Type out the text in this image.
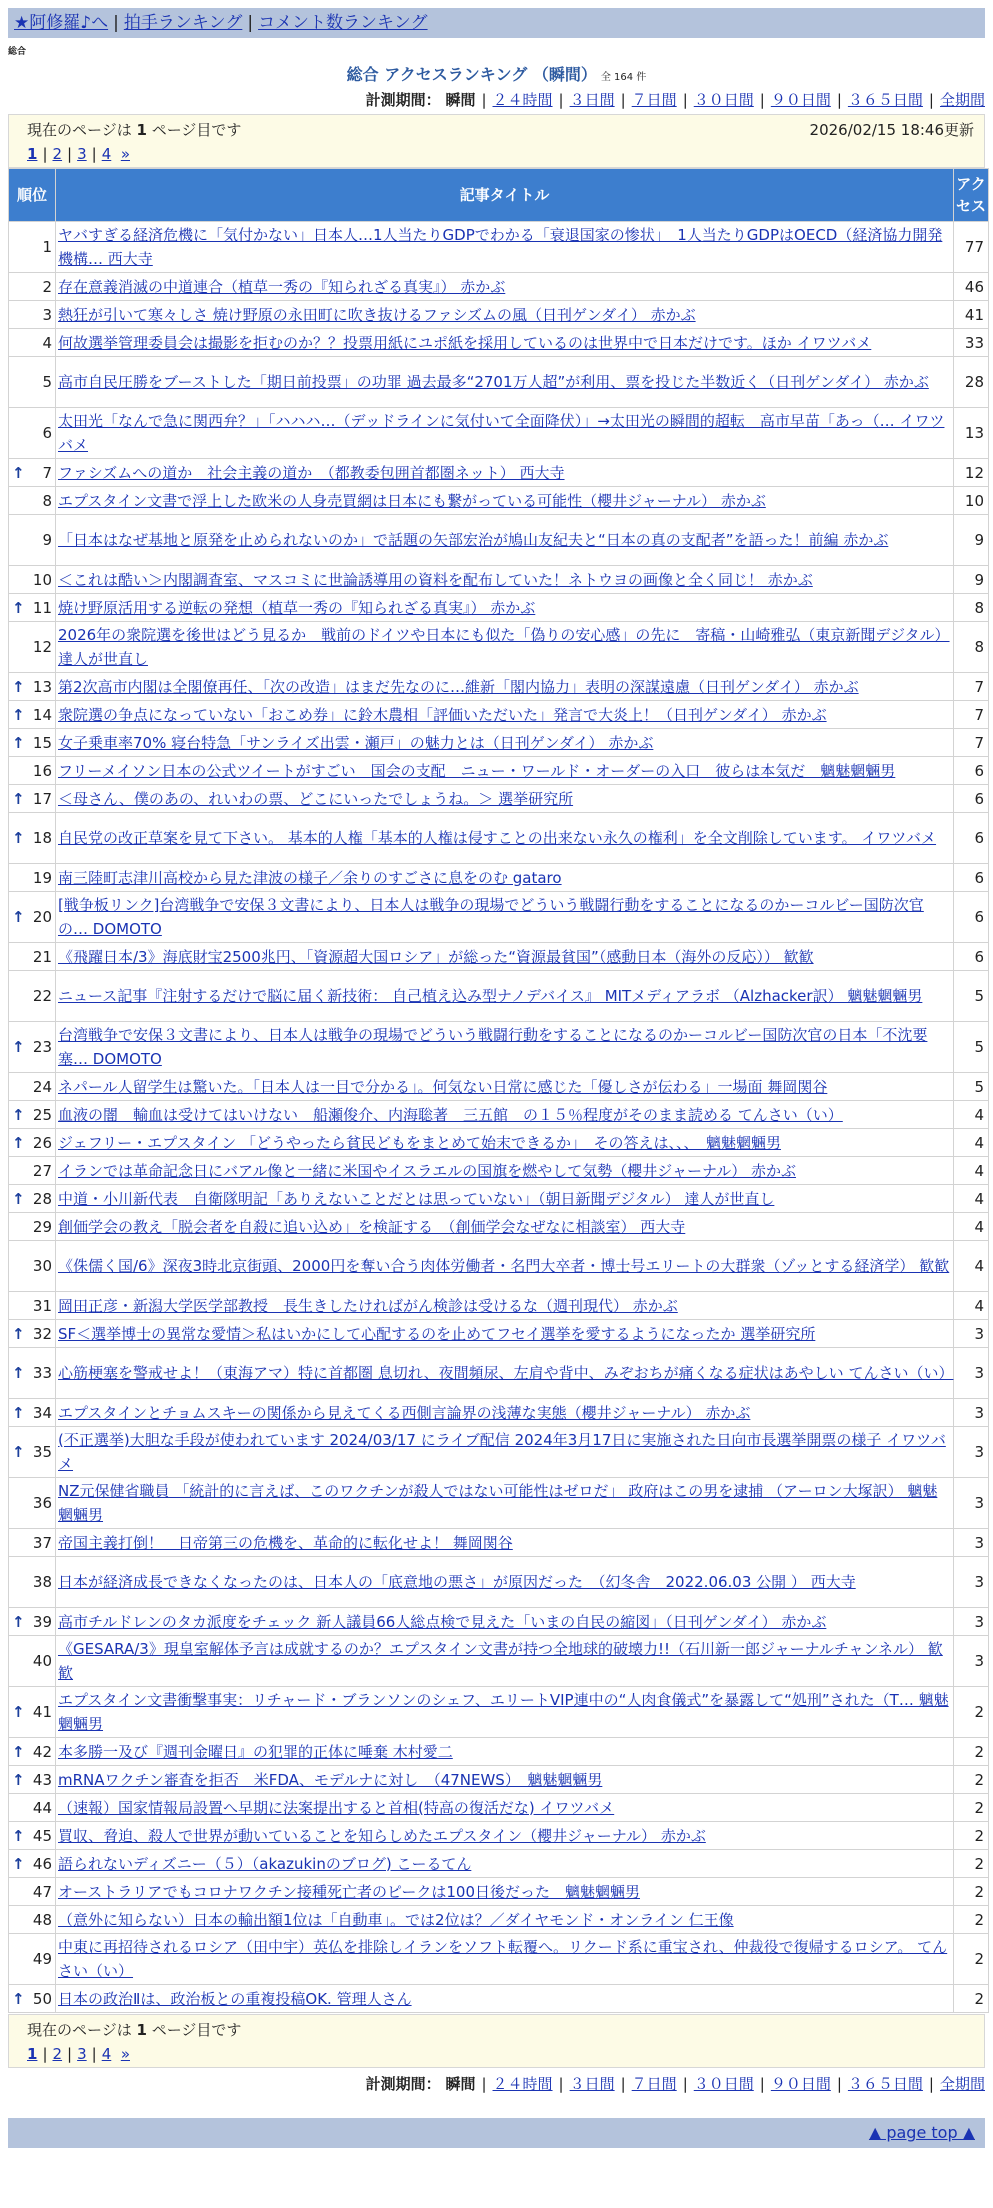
★阿修羅♪へ | 拍手ランキング | コメント数ランキング
総合
総合 アクセスランキング （瞬間） 全 164 件
計測期間： 瞬間 | ２４時間 | ３日間 | ７日間 | ３０日間 | ９０日間 | ３６５日間 | 全期間
現在のページは 1 ページ目です	2026/02/15 18:46更新
1 | 2 | 3 | 4 »
順位	記事タイトル	アクセス
1	ヤバすぎる経済危機に「気付かない」日本人…1人当たりGDPでわかる「衰退国家の惨状」　1人当たりGDPはOECD（経済協力開発機構… 西大寺	77
2	存在意義消滅の中道連合（植草一秀の『知られざる真実』） 赤かぶ	46
3	熱狂が引いて寒々しさ 焼け野原の永田町に吹き抜けるファシズムの風（日刊ゲンダイ） 赤かぶ	41
4	何故選挙管理委員会は撮影を拒むのか？？投票用紙にユポ紙を採用しているのは世界中で日本だけです。ほか イワツバメ	33
5	高市自民圧勝をブーストした「期日前投票」の功罪 過去最多“2701万人超”が利用、票を投じた半数近く（日刊ゲンダイ） 赤かぶ	28
6	太田光「なんで急に関西弁？」「ハハハ…（デッドラインに気付いて全面降伏）」→太田光の瞬間的超転　高市早苗「あっ（… イワツバメ	13

↑ 7	ファシズムへの道か　社会主義の道か　（都教委包囲首都圏ネット） 西大寺	12
8	エプスタイン文書で浮上した欧米の人身売買網は日本にも繋がっている可能性（櫻井ジャーナル） 赤かぶ	10
9	「日本はなぜ基地と原発を止められないのか」で話題の矢部宏治が鳩山友紀夫と“日本の真の支配者”を語った！前編 赤かぶ	9
10	＜これは酷い＞内閣調査室、マスコミに世論誘導用の資料を配布していた！ネトウヨの画像と全く同じ！ 赤かぶ	9

↑ 11	焼け野原活用する逆転の発想（植草一秀の『知られざる真実』） 赤かぶ	8
12	2026年の衆院選を後世はどう見るか　戦前のドイツや日本にも似た「偽りの安心感」の先に　寄稿・山崎雅弘（東京新聞デジタル） 達人が世直し	8

↑ 13	第2次高市内閣は全閣僚再任、「次の改造」はまだ先なのに…維新「閣内協力」表明の深謀遠慮（日刊ゲンダイ） 赤かぶ	7

↑ 14	衆院選の争点になっていない「おこめ券」に鈴木農相「評価いただいた」発言で大炎上！（日刊ゲンダイ） 赤かぶ	7

↑ 15	女子乗車率70% 寝台特急「サンライズ出雲・瀬戸」の魅力とは（日刊ゲンダイ） 赤かぶ	7
16	フリーメイソン日本の公式ツイートがすごい　国会の支配　ニュー・ワールド・オーダーの入口　彼らは本気だ　魑魅魍魎男	6

↑ 17	＜母さん、僕のあの、れいわの票、どこにいったでしょうね。＞ 選挙研究所	6

↑ 18	自民党の改正草案を見て下さい。 基本的人権「基本的人権は侵すことの出来ない永久の権利」を全文削除しています。 イワツバメ	6
19	南三陸町志津川高校から見た津波の様子／余りのすごさに息をのむ gataro	6

↑ 20	[戦争板リンク]台湾戦争で安保３文書により、日本人は戦争の現場でどういう戦闘行動をすることになるのかーコルビー国防次官の… DOMOTO	6
21	《飛躍日本/3》海底財宝2500兆円、「資源超大国ロシア」が総った“資源最貧国”（感動日本（海外の反応）） 歓歓	6
22	ニュース記事『注射するだけで脳に届く新技術： 自己植え込み型ナノデバイス』 MITメディアラボ （Alzhacker訳） 魑魅魍魎男	5

↑ 23	台湾戦争で安保３文書により、日本人は戦争の現場でどういう戦闘行動をすることになるのかーコルビー国防次官の日本「不沈要塞… DOMOTO	5
24	ネパール人留学生は驚いた。「日本人は一目で分かる」。何気ない日常に感じた「優しさが伝わる」一場面 舞岡関谷	5

↑ 25	血液の闇　輸血は受けてはいけない　船瀬俊介、内海聡著　三五館　の１５％程度がそのまま読める てんさい（い）	4

↑ 26	ジェフリー・エプスタイン 「どうやったら貧民どもをまとめて始末できるか」　その答えは、、、　魑魅魍魎男	4
27	イランでは革命記念日にバアル像と一緒に米国やイスラエルの国旗を燃やして気勢（櫻井ジャーナル） 赤かぶ	4

↑ 28	中道・小川新代表　自衛隊明記「ありえないことだとは思っていない」（朝日新聞デジタル） 達人が世直し	4
29	創価学会の教え「脱会者を自殺に追い込め」を検証する　（創価学会なぜなに相談室） 西大寺	4
30	《侏儒く国/6》深夜3時北京街頭、2000円を奪い合う肉体労働者・名門大卒者・博士号エリートの大群衆（ゾッとする経済学） 歓歓	4
31	岡田正彦・新潟大学医学部教授　長生きしたければがん検診は受けるな（週刊現代） 赤かぶ	4

↑ 32	SF＜選挙博士の異常な愛情＞私はいかにして心配するのを止めてフセイ選挙を愛するようになったか 選挙研究所	3

↑ 33	心筋梗塞を警戒せよ！（東海アマ）特に首都圏 息切れ、夜間頻尿、左肩や背中、みぞおちが痛くなる症状はあやしい てんさい（い）	3

↑ 34	エプスタインとチョムスキーの関係から見えてくる西側言論界の浅薄な実態（櫻井ジャーナル） 赤かぶ	3

↑ 35	(不正選挙)大胆な手段が使われています 2024/03/17 にライブ配信 2024年3月17日に実施された日向市長選挙開票の様子 イワツバメ	3
36	NZ元保健省職員 「統計的に言えば、このワクチンが殺人ではない可能性はゼロだ」 政府はこの男を逮捕 （アーロン大塚訳） 魑魅魍魎男	3
37	帝国主義打倒！　日帝第三の危機を、革命的に転化せよ！ 舞岡関谷	3
38	日本が経済成長できなくなったのは、日本人の「底意地の悪さ」が原因だった　（幻冬舎　2022.06.03 公開 ） 西大寺	3

↑ 39	高市チルドレンのタカ派度をチェック 新人議員66人総点検で見えた「いまの自民の縮図」（日刊ゲンダイ） 赤かぶ	3
40	《GESARA/3》現皇室解体予言は成就するのか？エプスタイン文書が持つ全地球的破壊力!!（石川新一郎ジャーナルチャンネル） 歓歓	3

↑ 41	エプスタイン文書衝撃事実：リチャード・ブランソンのシェフ、エリートVIP連中の“人肉食儀式”を暴露して“処刑”された（T… 魑魅魍魎男	2

↑ 42	本多勝一及び『週刊金曜日』の犯罪的正体に唾棄 木村愛二	2

↑ 43	mRNAワクチン審査を拒否　米FDA、モデルナに対し　（47NEWS）　魑魅魍魎男	2
44	（速報）国家情報局設置へ早期に法案提出すると首相(特高の復活だな) イワツバメ	2

↑ 45	買収、脅迫、殺人で世界が動いていることを知らしめたエプスタイン（櫻井ジャーナル） 赤かぶ	2

↑ 46	語られないディズニー（５）（akazukinのブログ) こーるてん	2
47	オーストラリアでもコロナワクチン接種死亡者のピークは100日後だった　魑魅魍魎男	2
48	（意外に知らない）日本の輸出額1位は「自動車」。では2位は？／ダイヤモンド・オンライン 仁王像	2
49	中東に再招待されるロシア（田中宇）英仏を排除しイランをソフト転覆へ。リクード系に重宝され、仲裁役で復帰するロシア。 てんさい（い）	2

↑ 50	日本の政治Ⅱは、政治板との重複投稿OK. 管理人さん	2
現在のページは 1 ページ目です
1 | 2 | 3 | 4 »
計測期間： 瞬間 | ２４時間 | ３日間 | ７日間 | ３０日間 | ９０日間 | ３６５日間 | 全期間
▲ page top ▲
